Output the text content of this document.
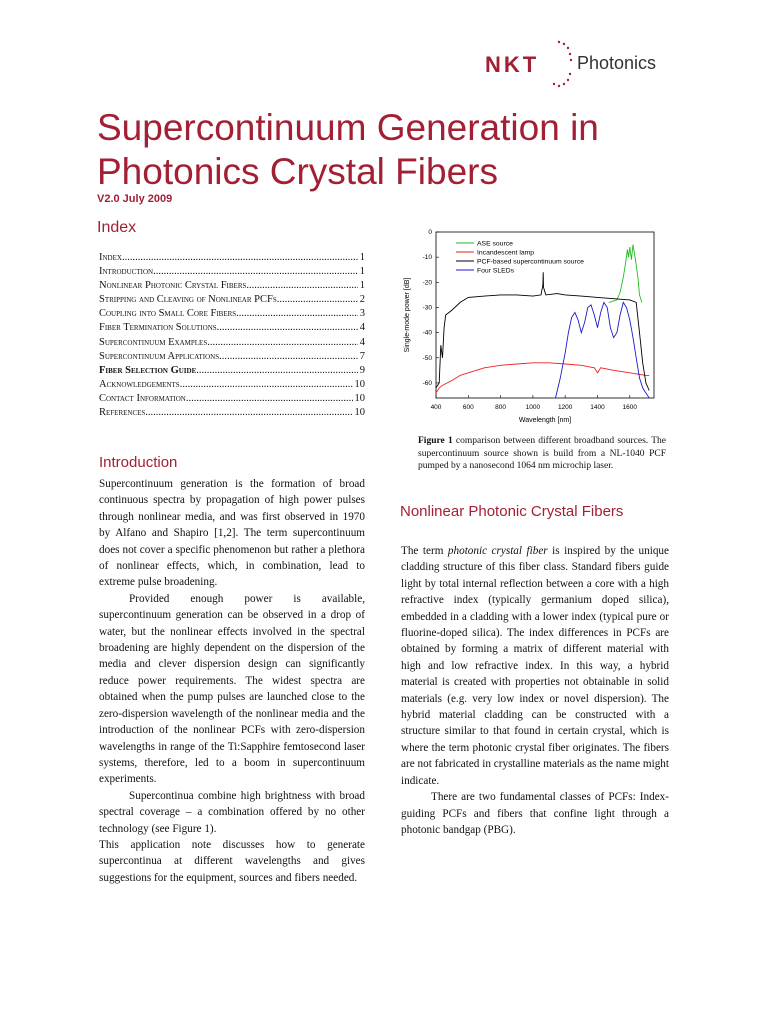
NKT Photonics
Supercontinuum Generation in Photonics Crystal Fibers
V2.0 July 2009
Index
Index .....	1
Introduction .....	1
Nonlinear Photonic Crystal Fibers .....	1
Stripping and Cleaving of Nonlinear PCFs .....	2
Coupling into Small Core Fibers .....	3
Fiber Termination Solutions .....	4
Supercontinuum Examples .....	4
Supercontinuum Applications .....	7
Fiber Selection Guide .....	9
Acknowledgements .....	10
Contact Information .....	10
References .....	10
Introduction

Supercontinuum generation is the formation of broad continuous spectra by propagation of high power pulses through nonlinear media, and was first observed in 1970 by Alfano and Shapiro [1,2]. The term supercontinuum does not cover a specific phenomenon but rather a plethora of nonlinear effects, which, in combination, lead to extreme pulse broadening.

Provided enough power is available, supercontinuum generation can be observed in a drop of water, but the nonlinear effects involved in the spectral broadening are highly dependent on the dispersion of the media and clever dispersion design can significantly reduce power requirements. The widest spectra are obtained when the pump pulses are launched close to the zero-dispersion wavelength of the nonlinear media and the introduction of the nonlinear PCFs with zero-dispersion wavelengths in range of the Ti:Sapphire femtosecond laser systems, therefore, led to a boom in supercontinuum experiments.

Supercontinua combine high brightness with broad spectral coverage – a combination offered by no other technology (see Figure 1).

This application note discusses how to generate supercontinua at different wavelengths and gives suggestions for the equipment, sources and fibers needed.

400	600	800	1000	1200	1400	1600
0
-10
-20
-30
-40
-50
-60
Wavelength [nm]
Single-mode power [dB]
ASE source
Incandescent lamp
PCF-based supercontinuum source
Four SLEDs
Figure 1 comparison between different broadband sources. The supercontinuum source shown is build from a NL-1040 PCF pumped by a nanosecond 1064 nm microchip laser.
Nonlinear Photonic Crystal Fibers

The term photonic crystal fiber is inspired by the unique cladding structure of this fiber class. Standard fibers guide light by total internal reflection between a core with a high refractive index (typically germanium doped silica), embedded in a cladding with a lower index (typical pure or fluorine-doped silica). The index differences in PCFs are obtained by forming a matrix of different material with high and low refractive index. In this way, a hybrid material is created with properties not obtainable in solid materials (e.g. very low index or novel dispersion). The hybrid material cladding can be constructed with a structure similar to that found in certain crystal, which is where the term photonic crystal fiber originates. The fibers are not fabricated in crystalline materials as the name might indicate.

There are two fundamental classes of PCFs: Index-guiding PCFs and fibers that confine light through a photonic bandgap (PBG).
